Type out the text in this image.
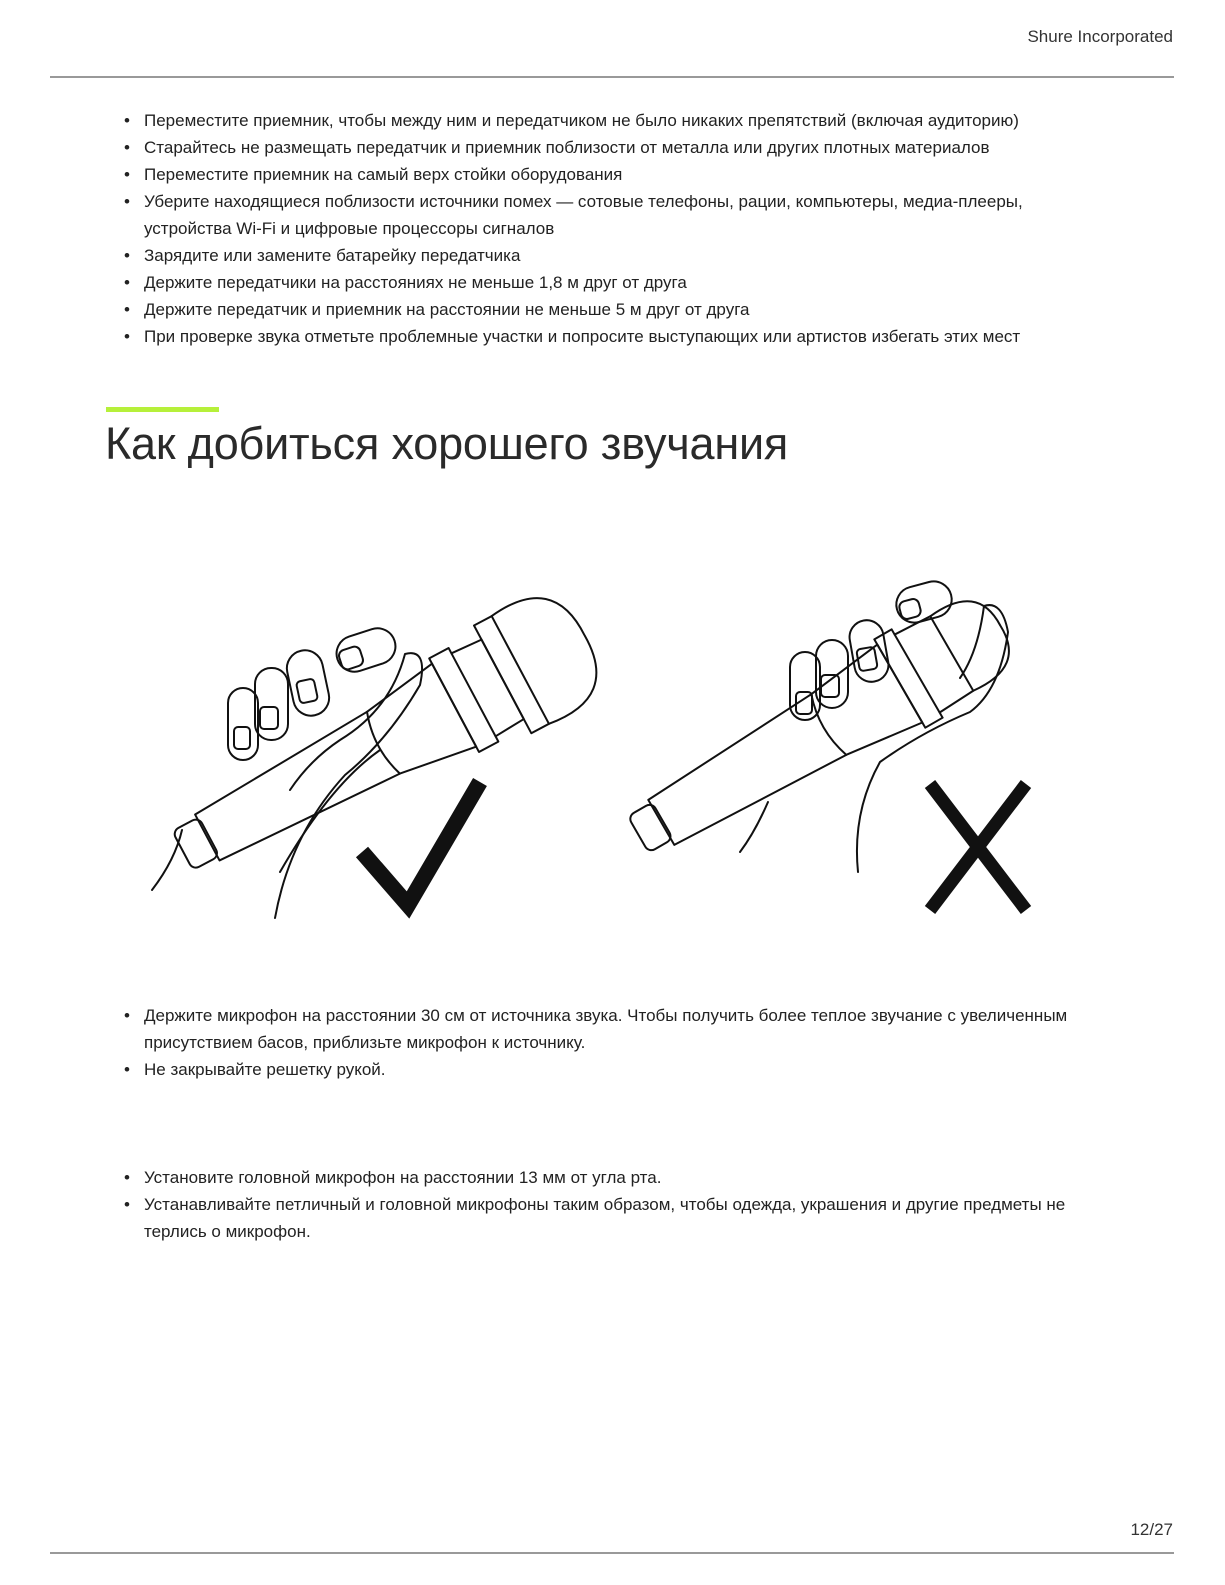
Shure Incorporated
• Переместите приемник, чтобы между ним и передатчиком не было никаких препятствий (включая аудиторию)
• Старайтесь не размещать передатчик и приемник поблизости от металла или других плотных материалов
• Переместите приемник на самый верх стойки оборудования
• Уберите находящиеся поблизости источники помех — сотовые телефоны, рации, компьютеры, медиа-плееры, устройства Wi-Fi и цифровые процессоры сигналов
• Зарядите или замените батарейку передатчика
• Держите передатчики на расстояниях не меньше 1,8 м друг от друга
• Держите передатчик и приемник на расстоянии не меньше 5 м друг от друга
• При проверке звука отметьте проблемные участки и попросите выступающих или артистов избегать этих мест
Как добиться хорошего звучания
• Держите микрофон на расстоянии 30 см от источника звука. Чтобы получить более теплое звучание с увеличенным присутствием басов, приблизьте микрофон к источнику.
• Не закрывайте решетку рукой.
• Установите головной микрофон на расстоянии 13 мм от угла рта.
• Устанавливайте петличный и головной микрофоны таким образом, чтобы одежда, украшения и другие предметы не терлись о микрофон.
12/27
